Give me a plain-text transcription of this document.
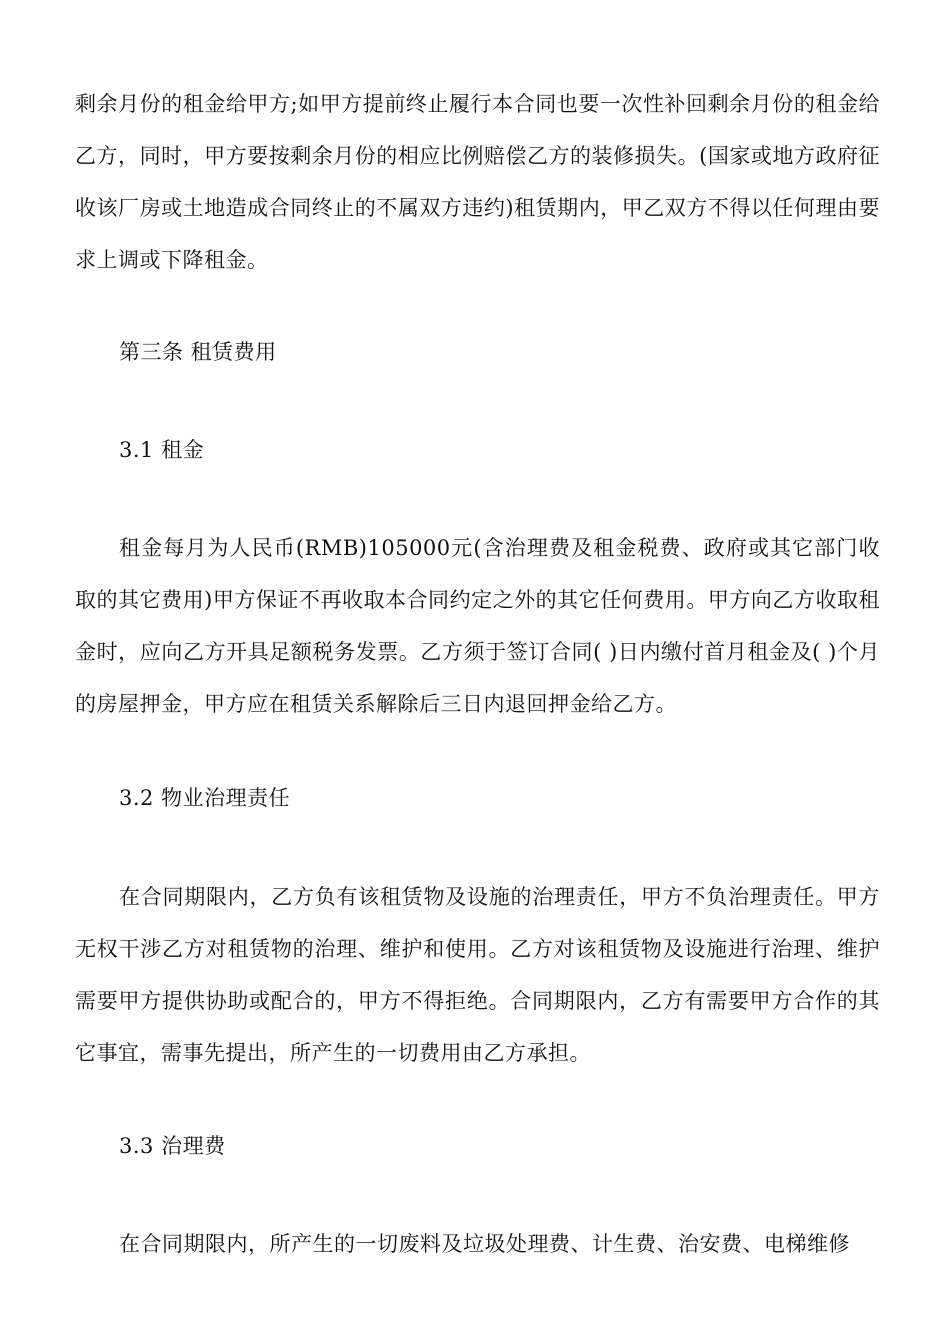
剩余月份的租金给甲方;如甲方提前终止履行本合同也要一次性补回剩余月份的租金给乙方，同时，甲方要按剩余月份的相应比例赔偿乙方的装修损失。(国家或地方政府征收该厂房或土地造成合同终止的不属双方违约)租赁期内，甲乙双方不得以任何理由要求上调或下降租金。

第三条 租赁费用
3.1 租金

租金每月为人民币(RMB)105000元(含治理费及租金税费、政府或其它部门收取的其它费用)甲方保证不再收取本合同约定之外的其它任何费用。甲方向乙方收取租金时，应向乙方开具足额税务发票。乙方须于签订合同( )日内缴付首月租金及( )个月的房屋押金，甲方应在租赁关系解除后三日内退回押金给乙方。

3.2 物业治理责任

在合同期限内，乙方负有该租赁物及设施的治理责任，甲方不负治理责任。甲方无权干涉乙方对租赁物的治理、维护和使用。乙方对该租赁物及设施进行治理、维护需要甲方提供协助或配合的，甲方不得拒绝。合同期限内，乙方有需要甲方合作的其它事宜，需事先提出，所产生的一切费用由乙方承担。

3.3 治理费

在合同期限内，所产生的一切废料及垃圾处理费、计生费、治安费、电梯维修
